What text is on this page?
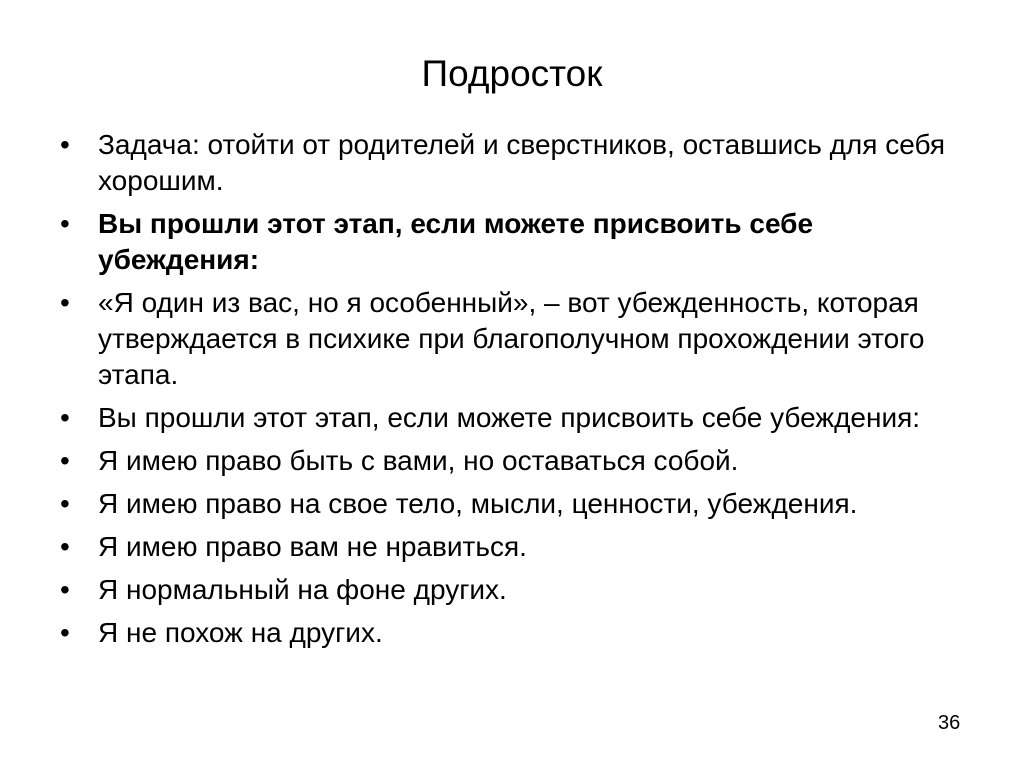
Подросток
•	Задача: отойти от родителей и сверстников, оставшись для себя хорошим.
•	Вы прошли этот этап, если можете присвоить себе убеждения:
•	«Я один из вас, но я особенный», – вот убежденность, которая утверждается в психике при благополучном прохождении этого этапа.
•	Вы прошли этот этап, если можете присвоить себе убеждения:
•	Я имею право быть с вами, но оставаться собой.
•	Я имею право на свое тело, мысли, ценности, убеждения.
•	Я имею право вам не нравиться.
•	Я нормальный на фоне других.
•	Я не похож на других.
36
